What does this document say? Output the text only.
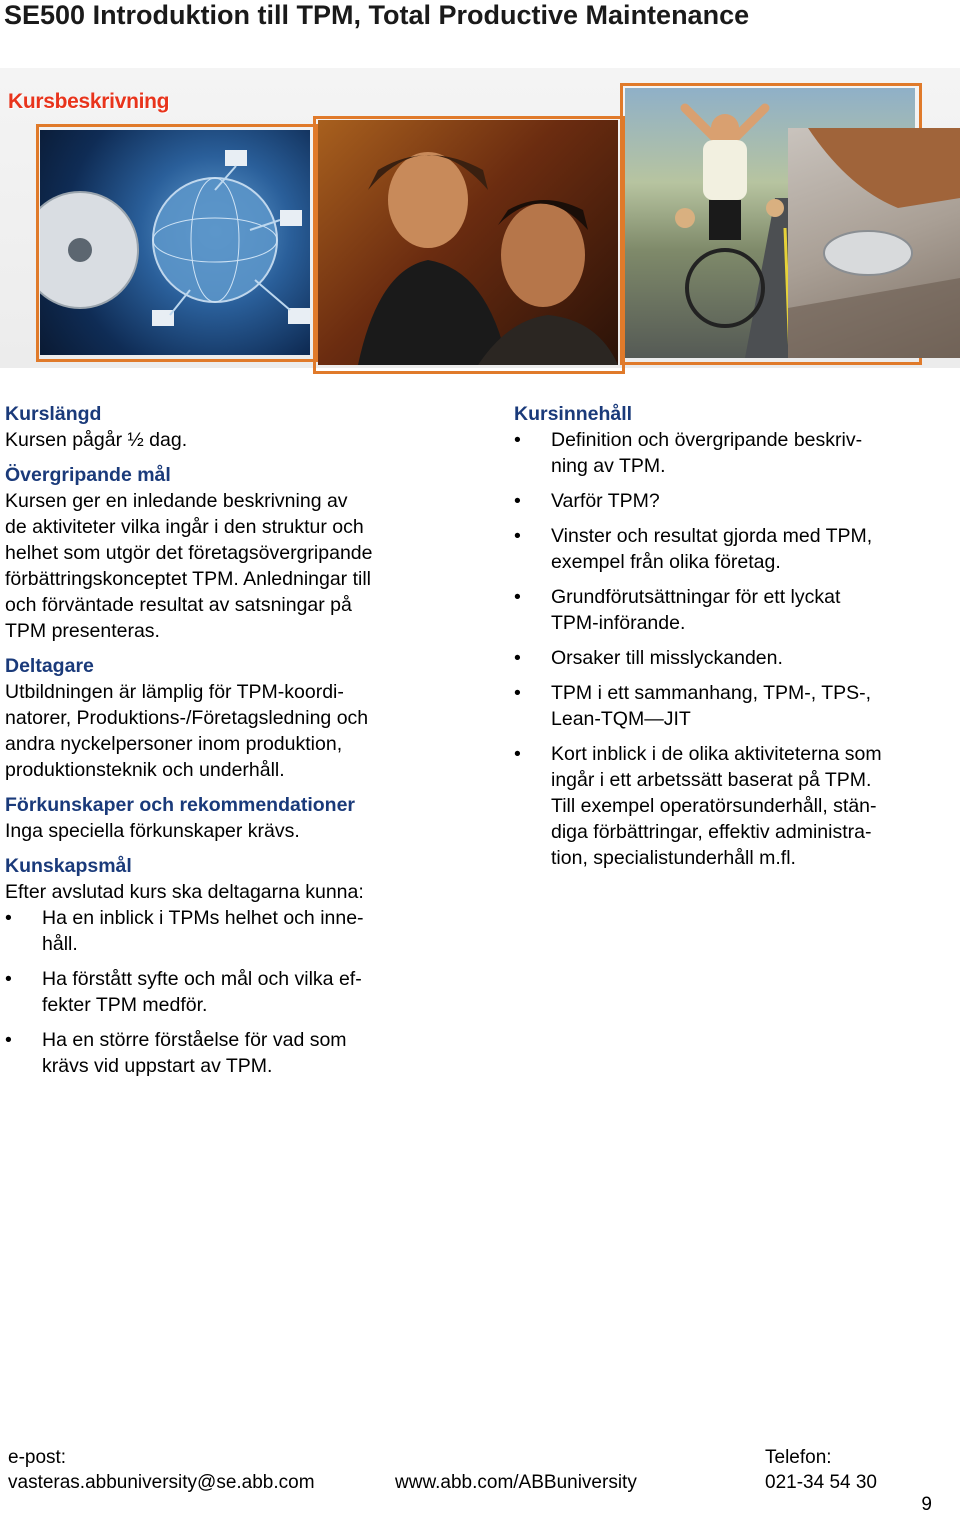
SE500 Introduktion till TPM, Total Productive Maintenance
Kursbeskrivning
Kurslängd
Kursen pågår ½ dag.
Övergripande mål
Kursen ger en inledande beskrivning av
de aktiviteter vilka ingår i den struktur och
helhet som utgör det företagsövergripande
förbättringskonceptet TPM. Anledningar till
och förväntade resultat av satsningar på
TPM presenteras.
Deltagare
Utbildningen är lämplig för TPM-koordi-
natorer, Produktions-/Företagsledning och
andra nyckelpersoner inom produktion,
produktionsteknik och underhåll.
Förkunskaper och rekommendationer
Inga speciella förkunskaper krävs.
Kunskapsmål
Efter avslutad kurs ska deltagarna kunna:
•	Ha en inblick i TPMs helhet och inne-
håll.
•	Ha förstått syfte och mål och vilka ef-
fekter TPM medför.
•	Ha en större förståelse för vad som
krävs vid uppstart av TPM.
Kursinnehåll
•	Definition och övergripande beskriv-
ning av TPM.
•	Varför TPM?
•	Vinster och resultat gjorda med TPM,
exempel från olika företag.
•	Grundförutsättningar för ett lyckat
TPM-införande.
•	Orsaker till misslyckanden.
•	TPM i ett sammanhang, TPM-, TPS-,
Lean-TQM—JIT
•	Kort inblick i de olika aktiviteterna som
ingår i ett arbetssätt baserat på TPM.
Till exempel operatörsunderhåll, stän-
diga förbättringar, effektiv administra-
tion, specialistunderhåll m.fl.
e-post:
vasteras.abbuniversity@se.abb.com	www.abb.com/ABBuniversity
Telefon:
021-34 54 30
9
